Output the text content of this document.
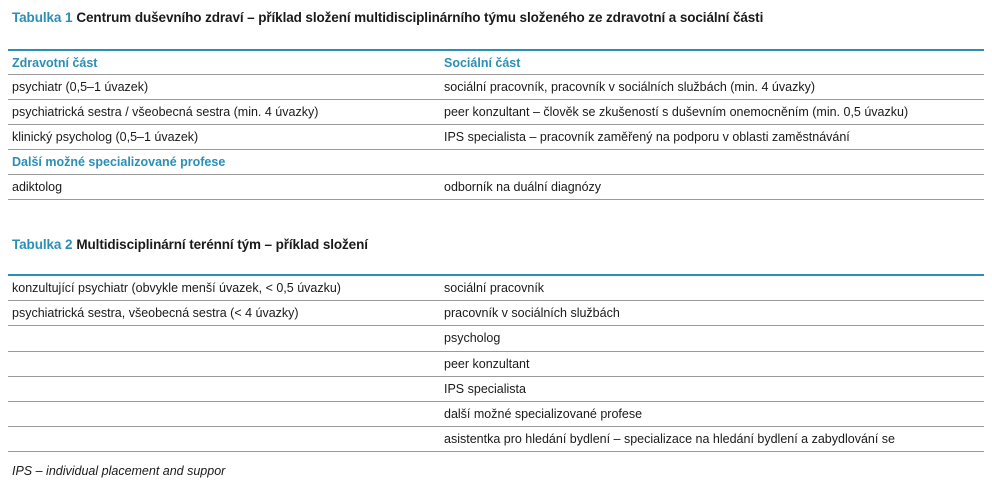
Tabulka 1 Centrum duševního zdraví – příklad složení multidisciplinárního týmu složeného ze zdravotní a sociální části
Zdravotní část	Sociální část
psychiatr (0,5–1 úvazek)	sociální pracovník, pracovník v sociálních službách (min. 4 úvazky)
psychiatrická sestra / všeobecná sestra (min. 4 úvazky)	peer konzultant – člověk se zkušeností s duševním onemocněním (min. 0,5 úvazku)
klinický psycholog (0,5–1 úvazek)	IPS specialista – pracovník zaměřený na podporu v oblasti zaměstnávání
Další možné specializované profese	
adiktolog	odborník na duální diagnózy
Tabulka 2 Multidisciplinární terénní tým – příklad složení
konzultující psychiatr (obvykle menší úvazek, < 0,5 úvazku)	sociální pracovník
psychiatrická sestra, všeobecná sestra (< 4 úvazky)	pracovník v sociálních službách
	psycholog
	peer konzultant
	IPS specialista
	další možné specializované profese
	asistentka pro hledání bydlení – specializace na hledání bydlení a zabydlování se
IPS – individual placement and suppor
